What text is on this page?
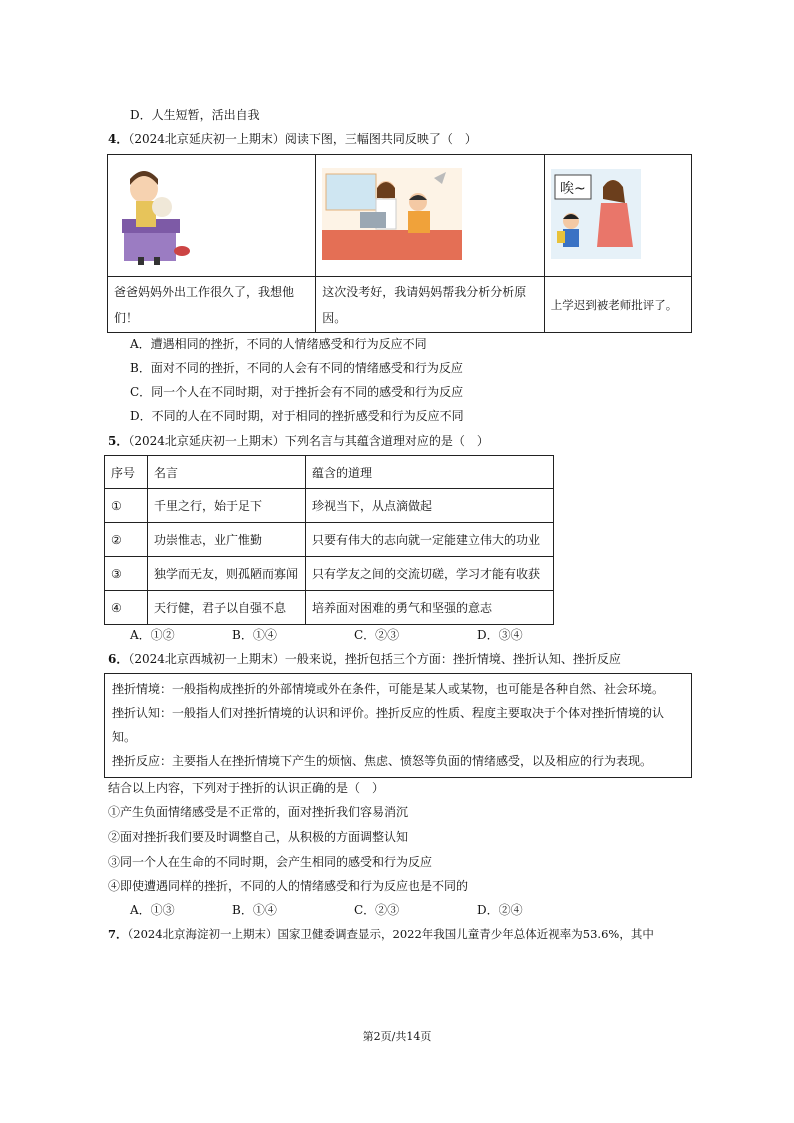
D．人生短暂，活出自我
4．（2024北京延庆初一上期末）阅读下图，三幅图共同反映了（　）

唉~

爸爸妈妈外出工作很久了，我想他们！	这次没考好，我请妈妈帮我分析分析原因。	上学迟到被老师批评了。
A．遭遇相同的挫折，不同的人情绪感受和行为反应不同
B．面对不同的挫折，不同的人会有不同的情绪感受和行为反应
C．同一个人在不同时期，对于挫折会有不同的感受和行为反应
D．不同的人在不同时期，对于相同的挫折感受和行为反应不同
5．（2024北京延庆初一上期末）下列名言与其蕴含道理对应的是（　）
序号	名言	蕴含的道理
①	千里之行，始于足下	珍视当下，从点滴做起
②	功崇惟志，业广惟勤	只要有伟大的志向就一定能建立伟大的功业
③	独学而无友，则孤陋而寡闻	只有学友之间的交流切磋，学习才能有收获
④	天行健，君子以自强不息	培养面对困难的勇气和坚强的意志
A．①②	B．①④	C．②③	D．③④
6．（2024北京西城初一上期末）一般来说，挫折包括三个方面：挫折情境、挫折认知、挫折反应
挫折情境：一般指构成挫折的外部情境或外在条件，可能是某人或某物，也可能是各种自然、社会环境。
挫折认知：一般指人们对挫折情境的认识和评价。挫折反应的性质、程度主要取决于个体对挫折情境的认
知。
挫折反应：主要指人在挫折情境下产生的烦恼、焦虑、愤怒等负面的情绪感受，以及相应的行为表现。
结合以上内容，下列对于挫折的认识正确的是（　）
①产生负面情绪感受是不正常的，面对挫折我们容易消沉
②面对挫折我们要及时调整自己，从积极的方面调整认知
③同一个人在生命的不同时期，会产生相同的感受和行为反应
④即使遭遇同样的挫折，不同的人的情绪感受和行为反应也是不同的
A．①③	B．①④	C．②③	D．②④
7．（2024北京海淀初一上期末）国家卫健委调查显示，2022年我国儿童青少年总体近视率为53.6%，其中
第2页/共14页
